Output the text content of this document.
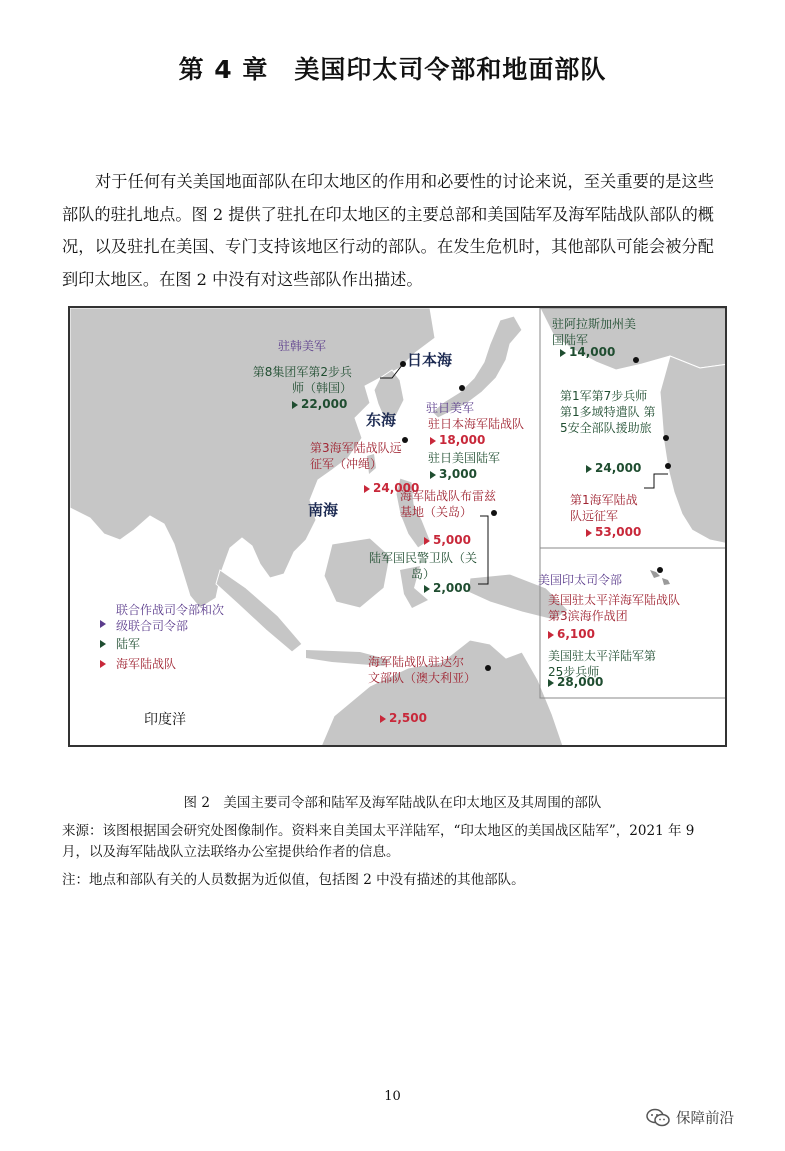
第 4 章 美国印太司令部和地面部队

对于任何有关美国地面部队在印太地区的作用和必要性的讨论来说，至关重要的是这些部队的驻扎地点。图 2 提供了驻扎在印太地区的主要总部和美国陆军及海军陆战队部队的概况，以及驻扎在美国、专门支持该地区行动的部队。在发生危机时，其他部队可能会被分配到印太地区。在图 2 中没有对这些部队作出描述。

日本海
东海
南海
印度洋
驻韩美军
第8集团军第2步兵师（韩国）
22,000	驻日美军
驻日本海军陆战队
18,000
驻日美国陆军
3,000
第3海军陆战队远征军（冲绳）
24,000
海军陆战队布雷兹基地（关岛）
5,000
陆军国民警卫队（关岛）
2,000
海军陆战队驻达尔文部队（澳大利亚）
2,500
驻阿拉斯加州美国陆军
14,000
第1军第7步兵师 第1多域特遣队 第5安全部队援助旅
24,000
第1海军陆战队远征军
53,000
美国印太司令部
美国驻太平洋海军陆战队第3滨海作战团
6,100
美国驻太平洋陆军第25步兵师
28,000
联合作战司令部和次级联合司令部
陆军
海军陆战队
图 2　美国主要司令部和陆军及海军陆战队在印太地区及其周围的部队

来源：该图根据国会研究处图像制作。资料来自美国太平洋陆军，“印太地区的美国战区陆军”，2021 年 9 月，以及海军陆战队立法联络办公室提供给作者的信息。

注：地点和部队有关的人员数据为近似值，包括图 2 中没有描述的其他部队。

10
保障前沿
